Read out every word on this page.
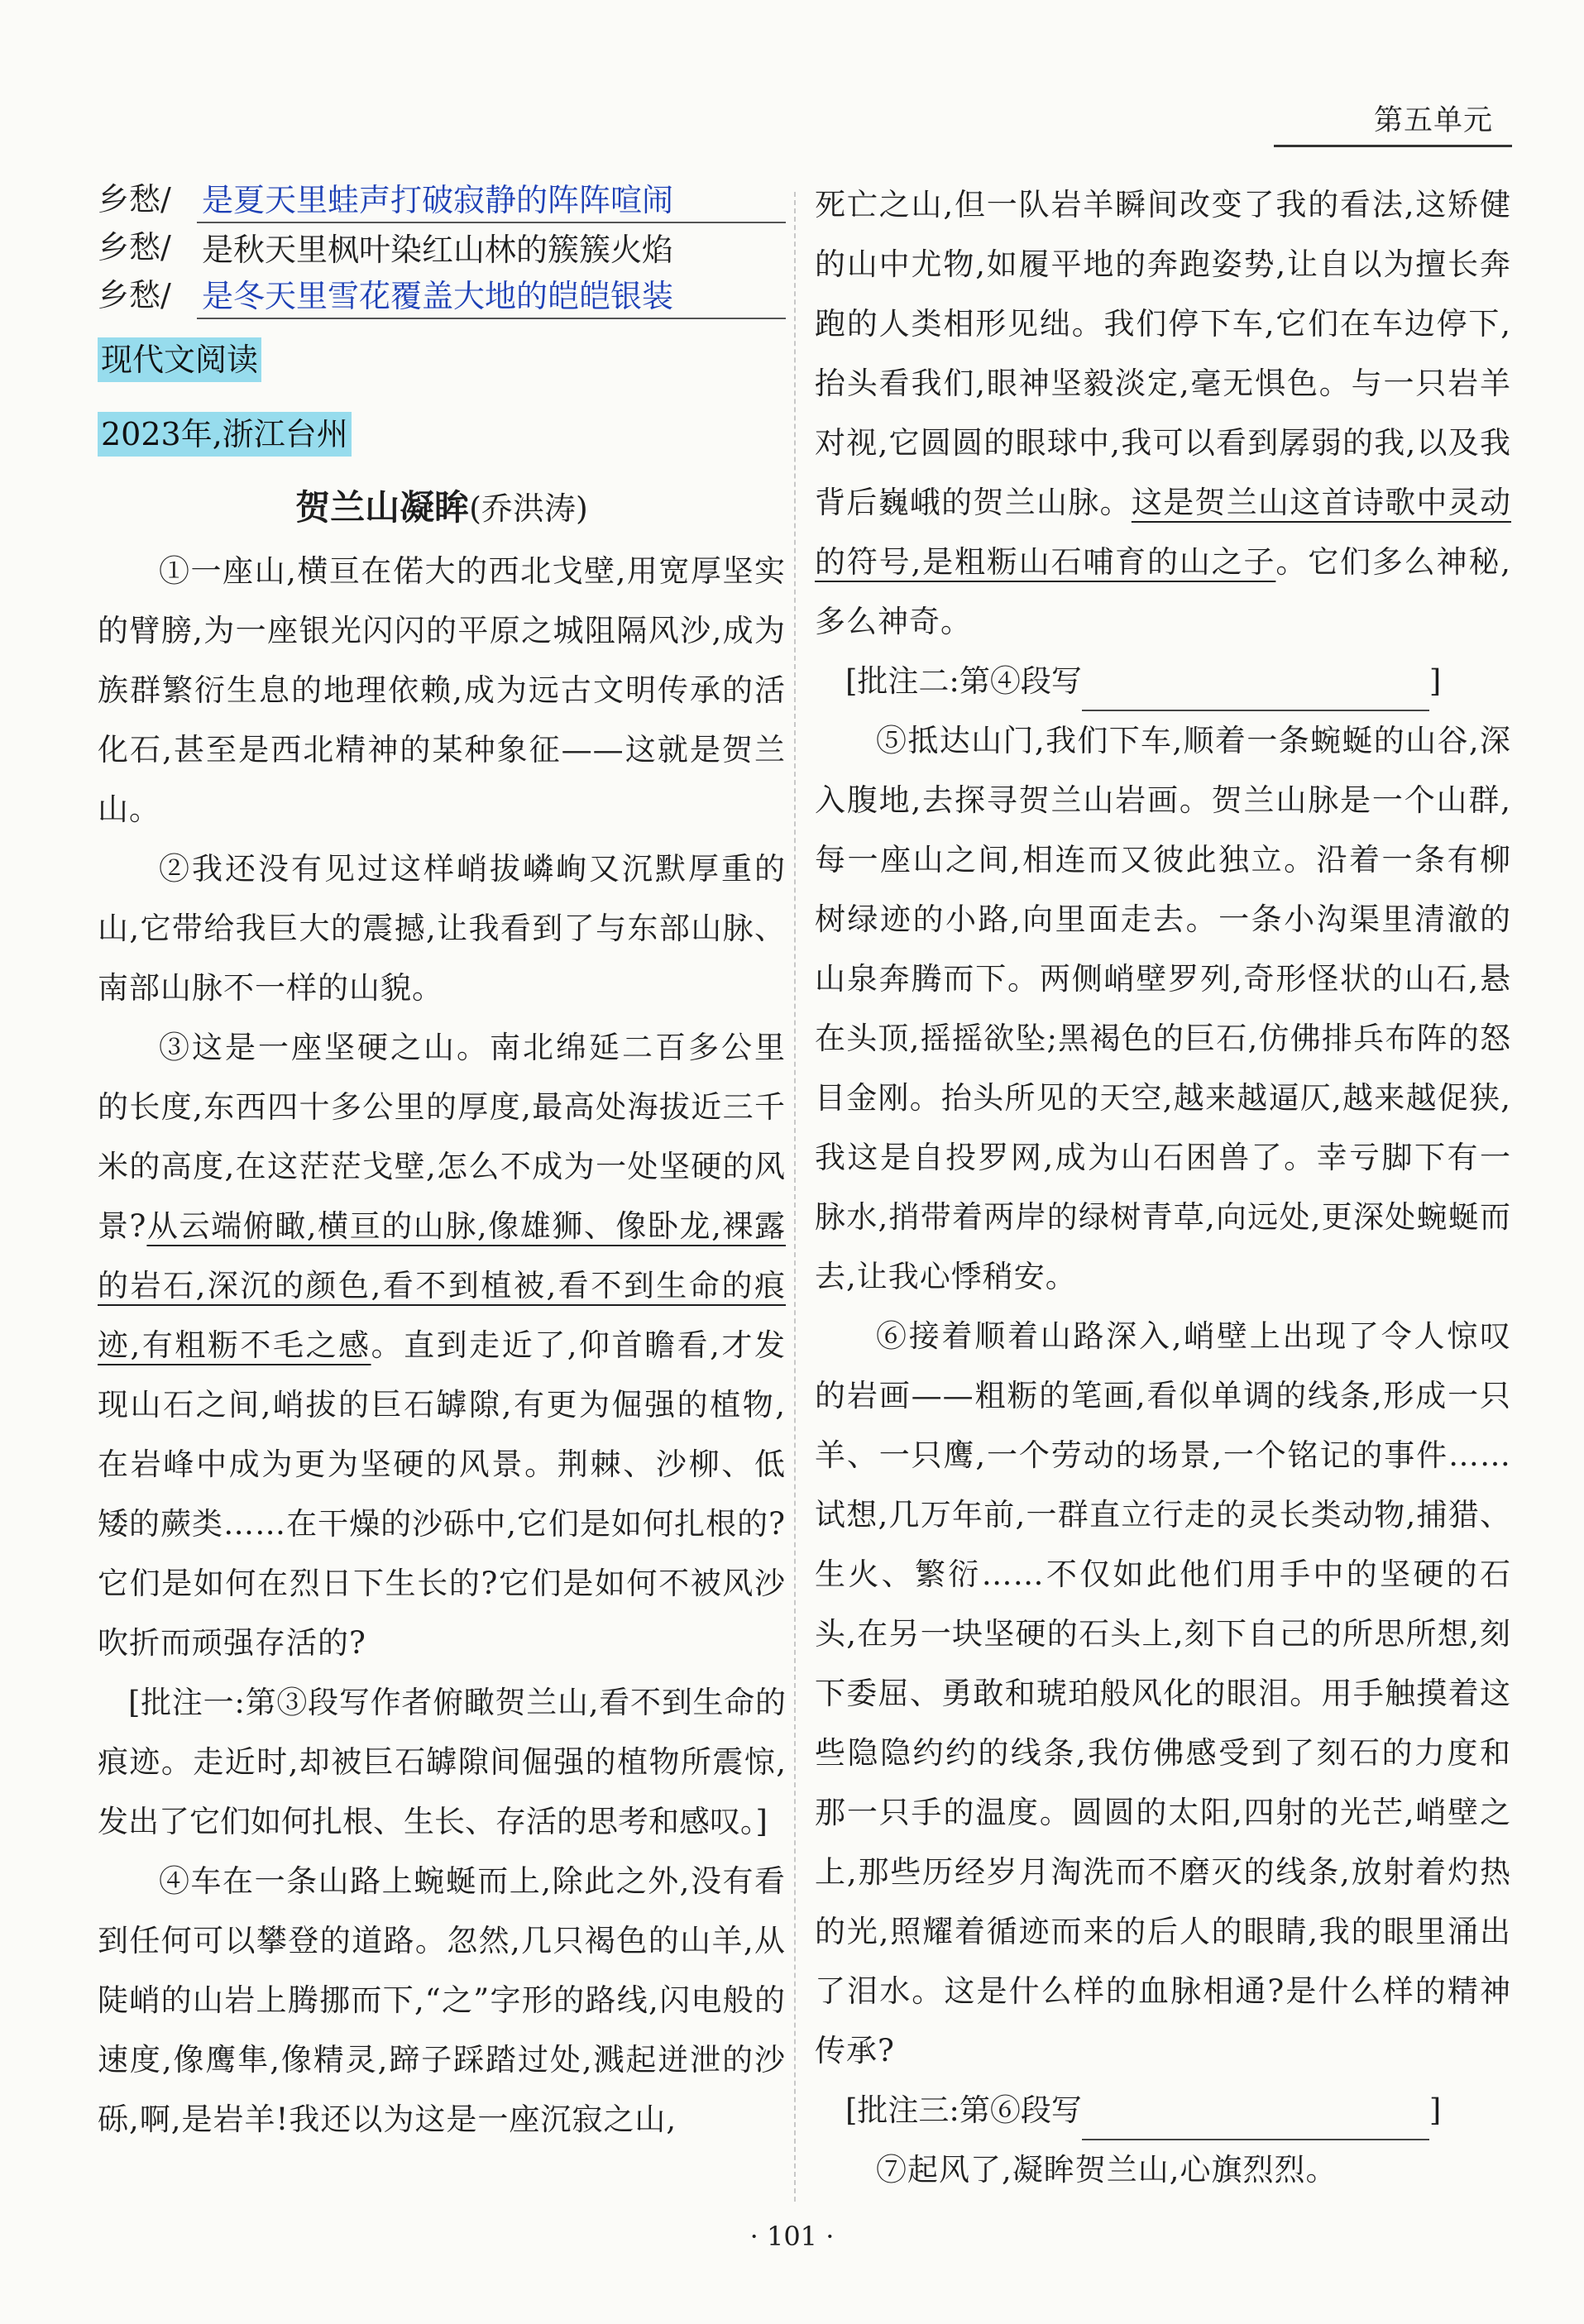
第五单元
乡愁/ 是夏天里蛙声打破寂静的阵阵喧闹
乡愁/ 是秋天里枫叶染红山林的簇簇火焰
乡愁/ 是冬天里雪花覆盖大地的皑皑银装
现代文阅读
2023年,浙江台州
贺兰山凝眸(乔洪涛)

①一座山,横亘在偌大的西北戈壁,用宽厚坚实的臂膀,为一座银光闪闪的平原之城阻隔风沙,成为族群繁衍生息的地理依赖,成为远古文明传承的活化石,甚至是西北精神的某种象征——这就是贺兰山。

②我还没有见过这样峭拔嶙峋又沉默厚重的山,它带给我巨大的震撼,让我看到了与东部山脉、南部山脉不一样的山貌。

③这是一座坚硬之山。南北绵延二百多公里的长度,东西四十多公里的厚度,最高处海拔近三千米的高度,在这茫茫戈壁,怎么不成为一处坚硬的风景?从云端俯瞰,横亘的山脉,像雄狮、像卧龙,裸露的岩石,深沉的颜色,看不到植被,看不到生命的痕迹,有粗粝不毛之感。直到走近了,仰首瞻看,才发现山石之间,峭拔的巨石罅隙,有更为倔强的植物,在岩峰中成为更为坚硬的风景。荆棘、沙柳、低矮的蕨类……在干燥的沙砾中,它们是如何扎根的?它们是如何在烈日下生长的?它们是如何不被风沙吹折而顽强存活的?

[批注一:第③段写作者俯瞰贺兰山,看不到生命的痕迹。走近时,却被巨石罅隙间倔强的植物所震惊,发出了它们如何扎根、生长、存活的思考和感叹。]

④车在一条山路上蜿蜒而上,除此之外,没有看到任何可以攀登的道路。忽然,几只褐色的山羊,从陡峭的山岩上腾挪而下,“之”字形的路线,闪电般的速度,像鹰隼,像精灵,蹄子踩踏过处,溅起迸泄的沙砾,啊,是岩羊!我还以为这是一座沉寂之山,

死亡之山,但一队岩羊瞬间改变了我的看法,这矫健的山中尤物,如履平地的奔跑姿势,让自以为擅长奔跑的人类相形见绌。我们停下车,它们在车边停下,抬头看我们,眼神坚毅淡定,毫无惧色。与一只岩羊对视,它圆圆的眼球中,我可以看到孱弱的我,以及我背后巍峨的贺兰山脉。这是贺兰山这首诗歌中灵动的符号,是粗粝山石哺育的山之子。它们多么神秘,多么神奇。

[批注二:第④段写	]

⑤抵达山门,我们下车,顺着一条蜿蜒的山谷,深入腹地,去探寻贺兰山岩画。贺兰山脉是一个山群,每一座山之间,相连而又彼此独立。沿着一条有柳树绿迹的小路,向里面走去。一条小沟渠里清澈的山泉奔腾而下。两侧峭壁罗列,奇形怪状的山石,悬在头顶,摇摇欲坠;黑褐色的巨石,仿佛排兵布阵的怒目金刚。抬头所见的天空,越来越逼仄,越来越促狭,我这是自投罗网,成为山石困兽了。幸亏脚下有一脉水,捎带着两岸的绿树青草,向远处,更深处蜿蜒而去,让我心悸稍安。

⑥接着顺着山路深入,峭壁上出现了令人惊叹的岩画——粗粝的笔画,看似单调的线条,形成一只羊、一只鹰,一个劳动的场景,一个铭记的事件……试想,几万年前,一群直立行走的灵长类动物,捕猎、生火、繁衍……不仅如此他们用手中的坚硬的石头,在另一块坚硬的石头上,刻下自己的所思所想,刻下委屈、勇敢和琥珀般风化的眼泪。用手触摸着这些隐隐约约的线条,我仿佛感受到了刻石的力度和那一只手的温度。圆圆的太阳,四射的光芒,峭壁之上,那些历经岁月淘洗而不磨灭的线条,放射着灼热的光,照耀着循迹而来的后人的眼睛,我的眼里涌出了泪水。这是什么样的血脉相通?是什么样的精神传承?

[批注三:第⑥段写	]

⑦起风了,凝眸贺兰山,心旗烈烈。

· 101 ·
